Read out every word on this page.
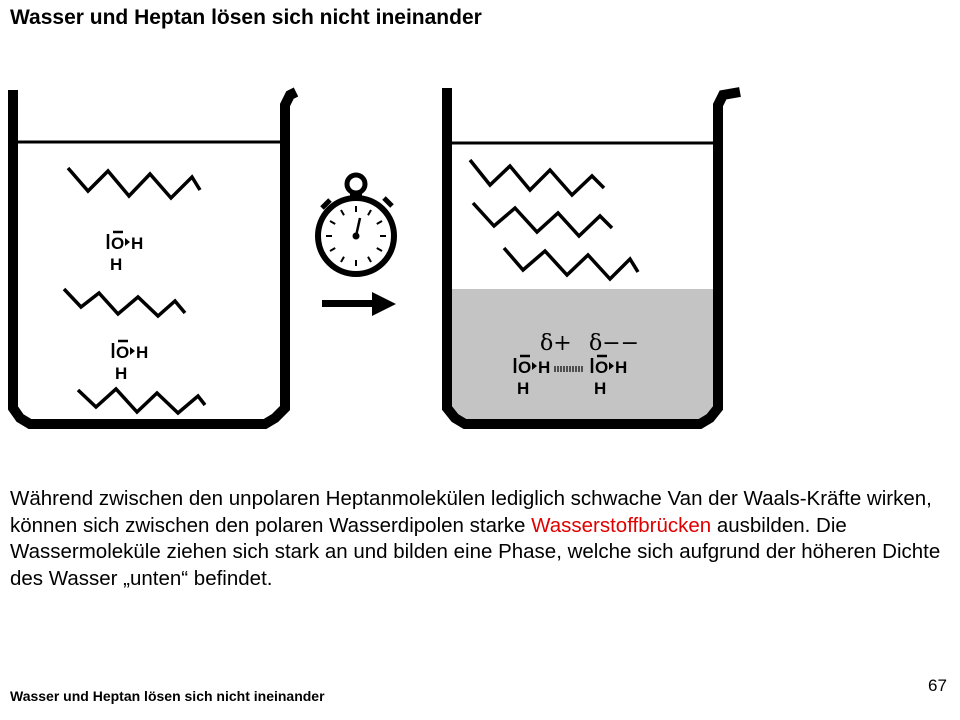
Wasser und Heptan lösen sich nicht ineinander
O H
H
O H
H
δ+ δ−−
O H
H
O H
H

Während zwischen den unpolaren Heptanmolekülen lediglich schwache Van der Waals-Kräfte wirken, können sich zwischen den polaren Wasserdipolen starke Wasserstoffbrücken ausbilden. Die Wassermoleküle ziehen sich stark an und bilden eine Phase, welche sich aufgrund der höheren Dichte des Wasser „unten“ befindet.

Wasser und Heptan lösen sich nicht ineinander

67
